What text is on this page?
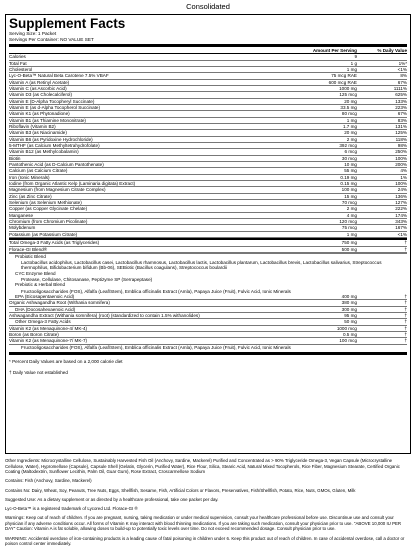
Consolidated
Supplement Facts
Serving Size: 1 Packet
Servings Per Container: NO VALUE SET
Amount Per Serving	% Daily Value
Calories	9
Total Fat	1 g	1%*
Cholesterol	1 mg	<1%
Lyc-O-Beta™ Natural Beta Carotene 7.5% VBAF	75 mcg RAE	8%
Vitamin A (as Retinyl Acetate)	600 mcg RAE	67%
Vitamin C (as Ascorbic Acid)	1000 mg	1111%
Vitamin D3 (as Cholecalciferol)	125 mcg	625%
Vitamin E (D-Alpha Tocopheryl Succinate)	20 mg	133%
Vitamin E (as d-Alpha Tocopherol Succinate)	33.5 mg	223%
Vitamin K1 (as Phytonadione)	80 mcg	67%
Vitamin B1 (as Thiamine Mononitrate)	1 mg	83%
Riboflavin (Vitamin B2)	1.7 mg	131%
Vitamin B3 (as Niacinamide)	20 mg	125%
Vitamin B6 (as Pyridoxine Hydrochloride)	2 mg	118%
5-MTHF (as Calcium Methyltetrahydrofolate)	392 mcg	98%
Vitamin B12 (as Methylcobalamin)	6 mcg	250%
Biotin	30 mcg	100%
Pantothenic Acid (as D-Calcium Pantothenate)	10 mg	200%
Calcium (as Calcium Citrate)	55 mg	4%
Iron (Ionic Minerals)	0.19 mg	1%
Iodine (from Organic Atlantic Kelp (Laminaria digitata) Extract)	0.15 mg	100%
Magnesium (from Magnesium Citrate Complex)	100 mg	24%
Zinc (as Zinc Citrate)	15 mg	136%
Selenium (as Selenium Methionate)	70 mcg	127%
Copper (as Copper Glycinate Chelate)	2 mg	222%
Manganese	4 mg	174%
Chromium (from Chromium Picolinate)	120 mcg	343%
Molybdenum	75 mcg	167%
Potassium (as Potassium Citrate)	1 mg	<1%
Total Omega-3 Fatty Acids (as Triglycerides)	750 mg	†
Florace-GI Blend®	500 mg	†
Probiotic Blend
Lactobacillus acidophilus, Lactobacillus casei, Lactobacillus rhamnosus, Lactobacillus lactis, Lactobacillus plantarum, Lactobacillus brevis, Lactobacillus salivarius, Streptococcus thermophilus, Bifidobacterium bifidum (Bb-06), SEBiotic (Bacillus coagulans), Streptococcus boulardii
CYC Enzyme Blend
Protease, Cellulase, Chitosanase, Peptizyme SP (Serrapeptase)
Prebiotic & Herbal Blend
Fructooligosaccharides (FOS), Alfalfa (Leaf/Stem), Emblica officinalis Extract (Amla), Papaya Juice (Fruit), Fulvic Acid, Ionic Minerals
EPA (Eicosapentaenoic Acid)	400 mg	†
Organic Ashwagandha Root (Withania somnifera)	380 mg	†
DHA (Docosahexaenoic Acid)	300 mg	†
Ashwagandha Extract (Withania somnifera) (root) (standardized to contain 1.5% withanolides)	95 mg	†
Other Omega-3 Fatty Acids	50 mg	†
Vitamin K2 (as Menaquinone-4/ MK-4)	1000 mcg	†
Boron (as Boron Citrate)	0.5 mg	†
Vitamin K2 (as Menaquinone-7/ MK-7)	100 mcg	†
Fructooligosaccharides (FOS), Alfalfa (Leaf/Stem), Emblica officinalis Extract (Amla), Papaya Juice (Fruit), Fulvic Acid, Ionic Minerals
* Percent Daily Values are based on a 2,000 calorie diet
† Daily Value not established

Other Ingredients: Microcrystalline Cellulose, Sustainably Harvested Fish Oil (Anchovy, Sardine, Mackerel) Purified and Concentrated as > 90% Triglyceride Omega-3, Vegan Capsule (Microcrystalline Cellulose, Water), Hypromellose (Capsule), Capsule Shell (Gelatin, Glycerin, Purified Water), Rice Flour, Silica, Stearic Acid, Natural Mixed Tocopherols, Rice Fiber, Magnesium Stearate, Certified Organic Coating (Maltodextrin, Sunflower Lecithin, Palm Oil, Guar Gum), Rose Extract, Croscarmellose Sodium

Contains: Fish (Anchovy, Sardine, Mackerel)

Contains No: Dairy, Wheat, Soy, Peanuts, Tree Nuts, Eggs, Shellfish, Sesame, Fish, Artificial Colors or Flavors, Preservatives, Fish/Shellfish, Potato, Rice, Nuts, GMOs, Gluten, Milk

Suggested Use: As a dietary supplement or as directed by a healthcare professional, take one packet per day.

Lyc-O-Beta™ is a registered trademark of Lycored Ltd. Florace-GI ®

Warnings: Keep out of reach of children. If you are pregnant, nursing, taking medication or under medical supervision, consult your healthcare professional before use. Discontinue use and consult your physician if any adverse conditions occur. All forms of Vitamin K may interact with blood thinning medications. If you are taking such medication, consult your physician prior to use. "ABOVE 10,000 IU PER DAY" Caution: Vitamin A is fat soluble, allowing doses to build-up to potentially toxic levels over time. Do not exceed recommended dosage. Consult physician prior to use.

WARNING: Accidental overdose of iron-containing products is a leading cause of fatal poisoning in children under 6. Keep this product out of reach of children. In case of accidental overdose, call a doctor or poison control center immediately.
